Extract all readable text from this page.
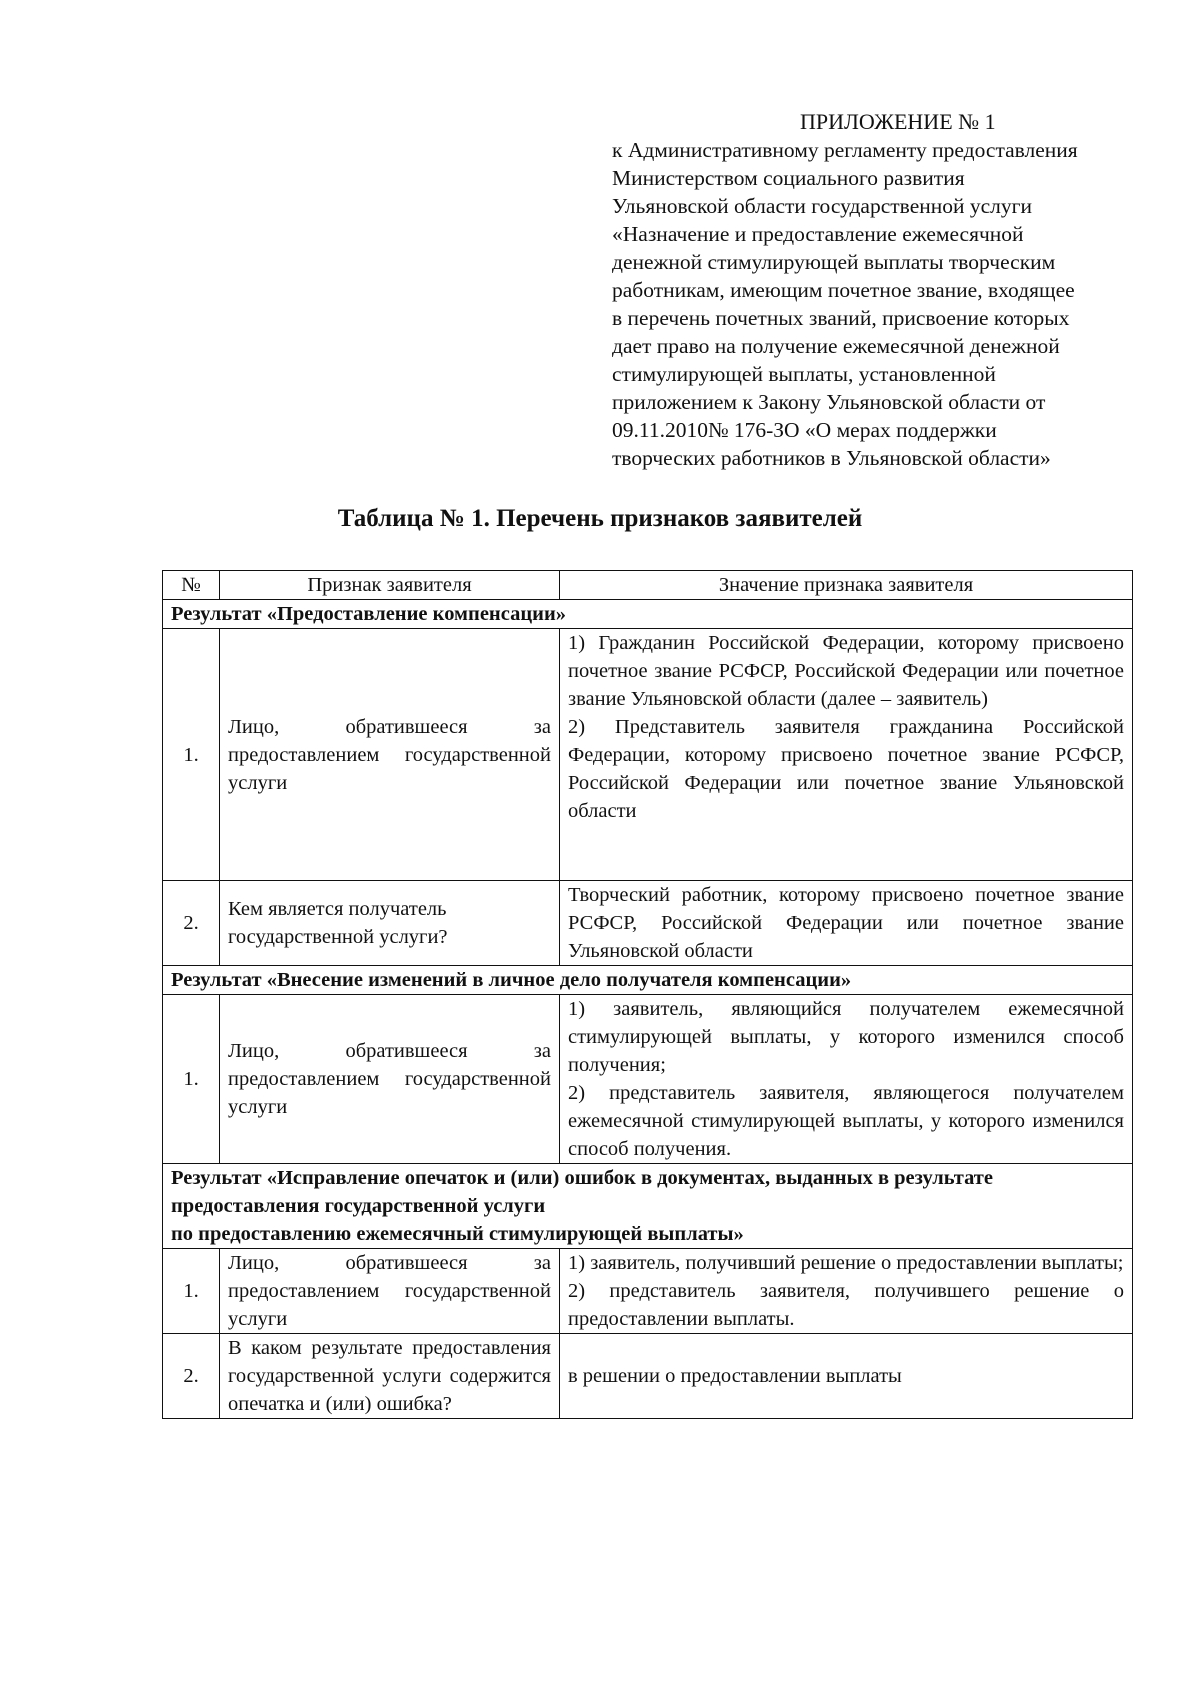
ПРИЛОЖЕНИЕ № 1
к Административному регламенту предоставления
Министерством социального развития
Ульяновской области государственной услуги
«Назначение и предоставление ежемесячной
денежной стимулирующей выплаты творческим
работникам, имеющим почетное звание, входящее
в перечень почетных званий, присвоение которых
дает право на получение ежемесячной денежной
стимулирующей выплаты, установленной
приложением к Закону Ульяновской области от
09.11.2010№ 176-ЗО «О мерах поддержки
творческих работников в Ульяновской области»
Таблица № 1. Перечень признаков заявителей
№	Признак заявителя	Значение признака заявителя
Результат «Предоставление компенсации»		
1.	Лицо, обратившееся за предоставлением государственной услуги	1) Гражданин Российской Федерации, которому присвоено почетное звание РСФСР, Российской Федерации или почетное звание Ульяновской области (далее – заявитель)
2) Представитель заявителя гражданина Российской Федерации, которому присвоено почетное звание РСФСР, Российской Федерации или почетное звание Ульяновской области

2.	Кем является получатель государственной услуги?	Творческий работник, которому присвоено почетное звание РСФСР, Российской Федерации или почетное звание Ульяновской области

Результат «Внесение изменений в личное дело получателя компенсации»		
1.	Лицо, обратившееся за предоставлением государственной услуги	1) заявитель, являющийся получателем ежемесячной стимулирующей выплаты, у которого изменился способ получения;
2) представитель заявителя, являющегося получателем ежемесячной стимулирующей выплаты, у которого изменился способ получения.

Результат «Исправление опечаток и (или) ошибок в документах, выданных в результате предоставления государственной услуги
по предоставлению ежемесячный стимулирующей выплаты»		

1.	Лицо, обратившееся за предоставлением государственной услуги	1) заявитель, получивший решение о предоставлении выплаты;
2) представитель заявителя, получившего решение о предоставлении выплаты.

2.	В каком результате предоставления государственной услуги содержится опечатка и (или) ошибка?	в решении о предоставлении выплаты
